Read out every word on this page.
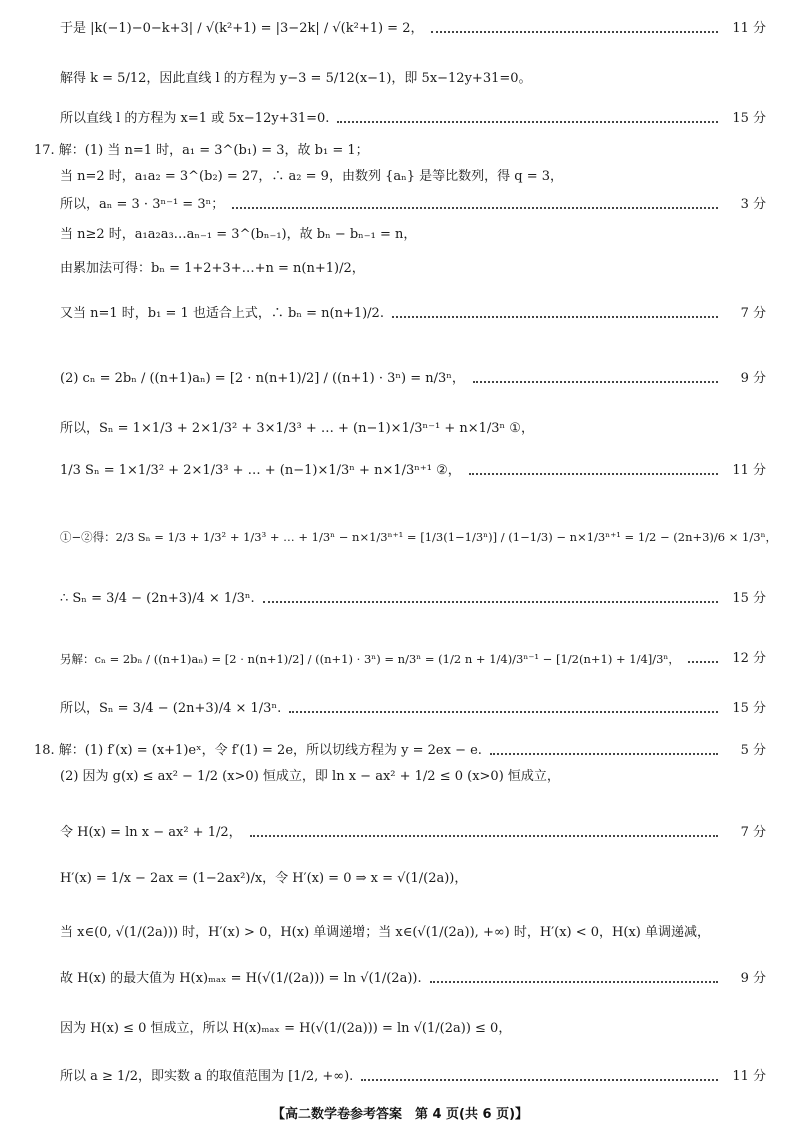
于是 |k(−1)−0−k+3| / √(k²+1) = |3−2k| / √(k²+1) = 2，	11 分
解得 k = 5/12，因此直线 l 的方程为 y−3 = 5/12(x−1)，即 5x−12y+31=0。
所以直线 l 的方程为 x=1 或 5x−12y+31=0.	15 分
17. 解：(1) 当 n=1 时，a₁ = 3^(b₁) = 3，故 b₁ = 1；
当 n=2 时，a₁a₂ = 3^(b₂) = 27，∴ a₂ = 9，由数列 {aₙ} 是等比数列，得 q = 3，
所以，aₙ = 3 · 3ⁿ⁻¹ = 3ⁿ；	3 分
当 n≥2 时，a₁a₂a₃…aₙ₋₁ = 3^(bₙ₋₁)，故 bₙ − bₙ₋₁ = n，
由累加法可得：bₙ = 1+2+3+…+n = n(n+1)/2，
又当 n=1 时，b₁ = 1 也适合上式，∴ bₙ = n(n+1)/2.	7 分
(2) cₙ = 2bₙ / ((n+1)aₙ) = [2 · n(n+1)/2] / ((n+1) · 3ⁿ) = n/3ⁿ，	9 分
所以，Sₙ = 1×1/3 + 2×1/3² + 3×1/3³ + … + (n−1)×1/3ⁿ⁻¹ + n×1/3ⁿ ①，
1/3 Sₙ = 1×1/3² + 2×1/3³ + … + (n−1)×1/3ⁿ + n×1/3ⁿ⁺¹ ②，	11 分
①−②得：2/3 Sₙ = 1/3 + 1/3² + 1/3³ + … + 1/3ⁿ − n×1/3ⁿ⁺¹ = [1/3(1−1/3ⁿ)] / (1−1/3) − n×1/3ⁿ⁺¹ = 1/2 − (2n+3)/6 × 1/3ⁿ，
∴ Sₙ = 3/4 − (2n+3)/4 × 1/3ⁿ.	15 分
另解：cₙ = 2bₙ / ((n+1)aₙ) = [2 · n(n+1)/2] / ((n+1) · 3ⁿ) = n/3ⁿ = (1/2 n + 1/4)/3ⁿ⁻¹ − [1/2(n+1) + 1/4]/3ⁿ，	12 分
所以，Sₙ = 3/4 − (2n+3)/4 × 1/3ⁿ.	15 分
18. 解：(1) f′(x) = (x+1)eˣ，令 f′(1) = 2e，所以切线方程为 y = 2ex − e.	5 分
(2) 因为 g(x) ≤ ax² − 1/2 (x>0) 恒成立，即 ln x − ax² + 1/2 ≤ 0 (x>0) 恒成立，
令 H(x) = ln x − ax² + 1/2，	7 分
H′(x) = 1/x − 2ax = (1−2ax²)/x，令 H′(x) = 0 ⇒ x = √(1/(2a))，
当 x∈(0, √(1/(2a))) 时，H′(x) > 0，H(x) 单调递增；当 x∈(√(1/(2a)), +∞) 时，H′(x) < 0，H(x) 单调递减，
故 H(x) 的最大值为 H(x)ₘₐₓ = H(√(1/(2a))) = ln √(1/(2a)).	9 分
因为 H(x) ≤ 0 恒成立，所以 H(x)ₘₐₓ = H(√(1/(2a))) = ln √(1/(2a)) ≤ 0，
所以 a ≥ 1/2，即实数 a 的取值范围为 [1/2, +∞).	11 分
【高二数学卷参考答案　第 4 页(共 6 页)】
